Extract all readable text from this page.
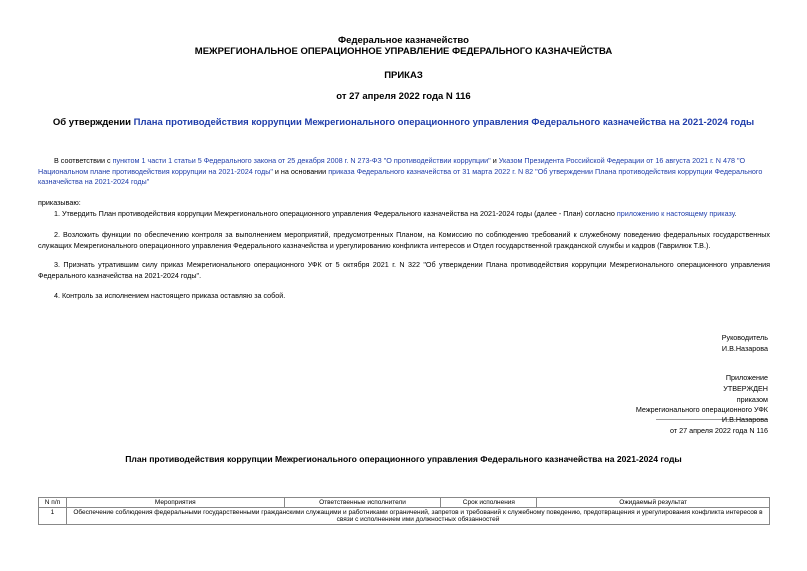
Федеральное казначейство
МЕЖРЕГИОНАЛЬНОЕ ОПЕРАЦИОННОЕ УПРАВЛЕНИЕ ФЕДЕРАЛЬНОГО КАЗНАЧЕЙСТВА
ПРИКАЗ
от 27 апреля 2022 года N 116
Об утверждении Плана противодействия коррупции Межрегионального операционного управления Федерального казначейства на 2021-2024 годы
В соответствии с пунктом 1 части 1 статьи 5 Федерального закона от 25 декабря 2008 г. N 273-ФЗ "О противодействии коррупции" и Указом Президента Российской Федерации от 16 августа 2021 г. N 478 "О Национальном плане противодействия коррупции на 2021-2024 годы" и на основании приказа Федерального казначейства от 31 марта 2022 г. N 82 "Об утверждении Плана противодействия коррупции Федерального казначейства на 2021-2024 годы"
приказываю:
1. Утвердить План противодействия коррупции Межрегионального операционного управления Федерального казначейства на 2021-2024 годы (далее - План) согласно приложению к настоящему приказу.
2. Возложить функции по обеспечению контроля за выполнением мероприятий, предусмотренных Планом, на Комиссию по соблюдению требований к служебному поведению федеральных государственных служащих Межрегионального операционного управления Федерального казначейства и урегулированию конфликта интересов и Отдел государственной гражданской службы и кадров (Гаврилюк Т.В.).
3. Признать утратившим силу приказ Межрегионального операционного УФК от 5 октября 2021 г. N 322 "Об утверждении Плана противодействия коррупции Межрегионального операционного управления Федерального казначейства на 2021-2024 годы".
4. Контроль за исполнением настоящего приказа оставляю за собой.
Руководитель
И.В.Назарова
Приложение
УТВЕРЖДЕН
приказом
Межрегионального операционного УФК
И.В.Назарова
от 27 апреля 2022 года N 116
План противодействия коррупции Межрегионального операционного управления Федерального казначейства на 2021-2024 годы
N п/п	Мероприятия	Ответственные исполнители	Срок исполнения	Ожидаемый результат
1	Обеспечение соблюдения федеральными государственными гражданскими служащими и работниками ограничений, запретов и требований к служебному поведению, предотвращения и урегулирования конфликта интересов в связи с исполнением ими должностных обязанностей			
